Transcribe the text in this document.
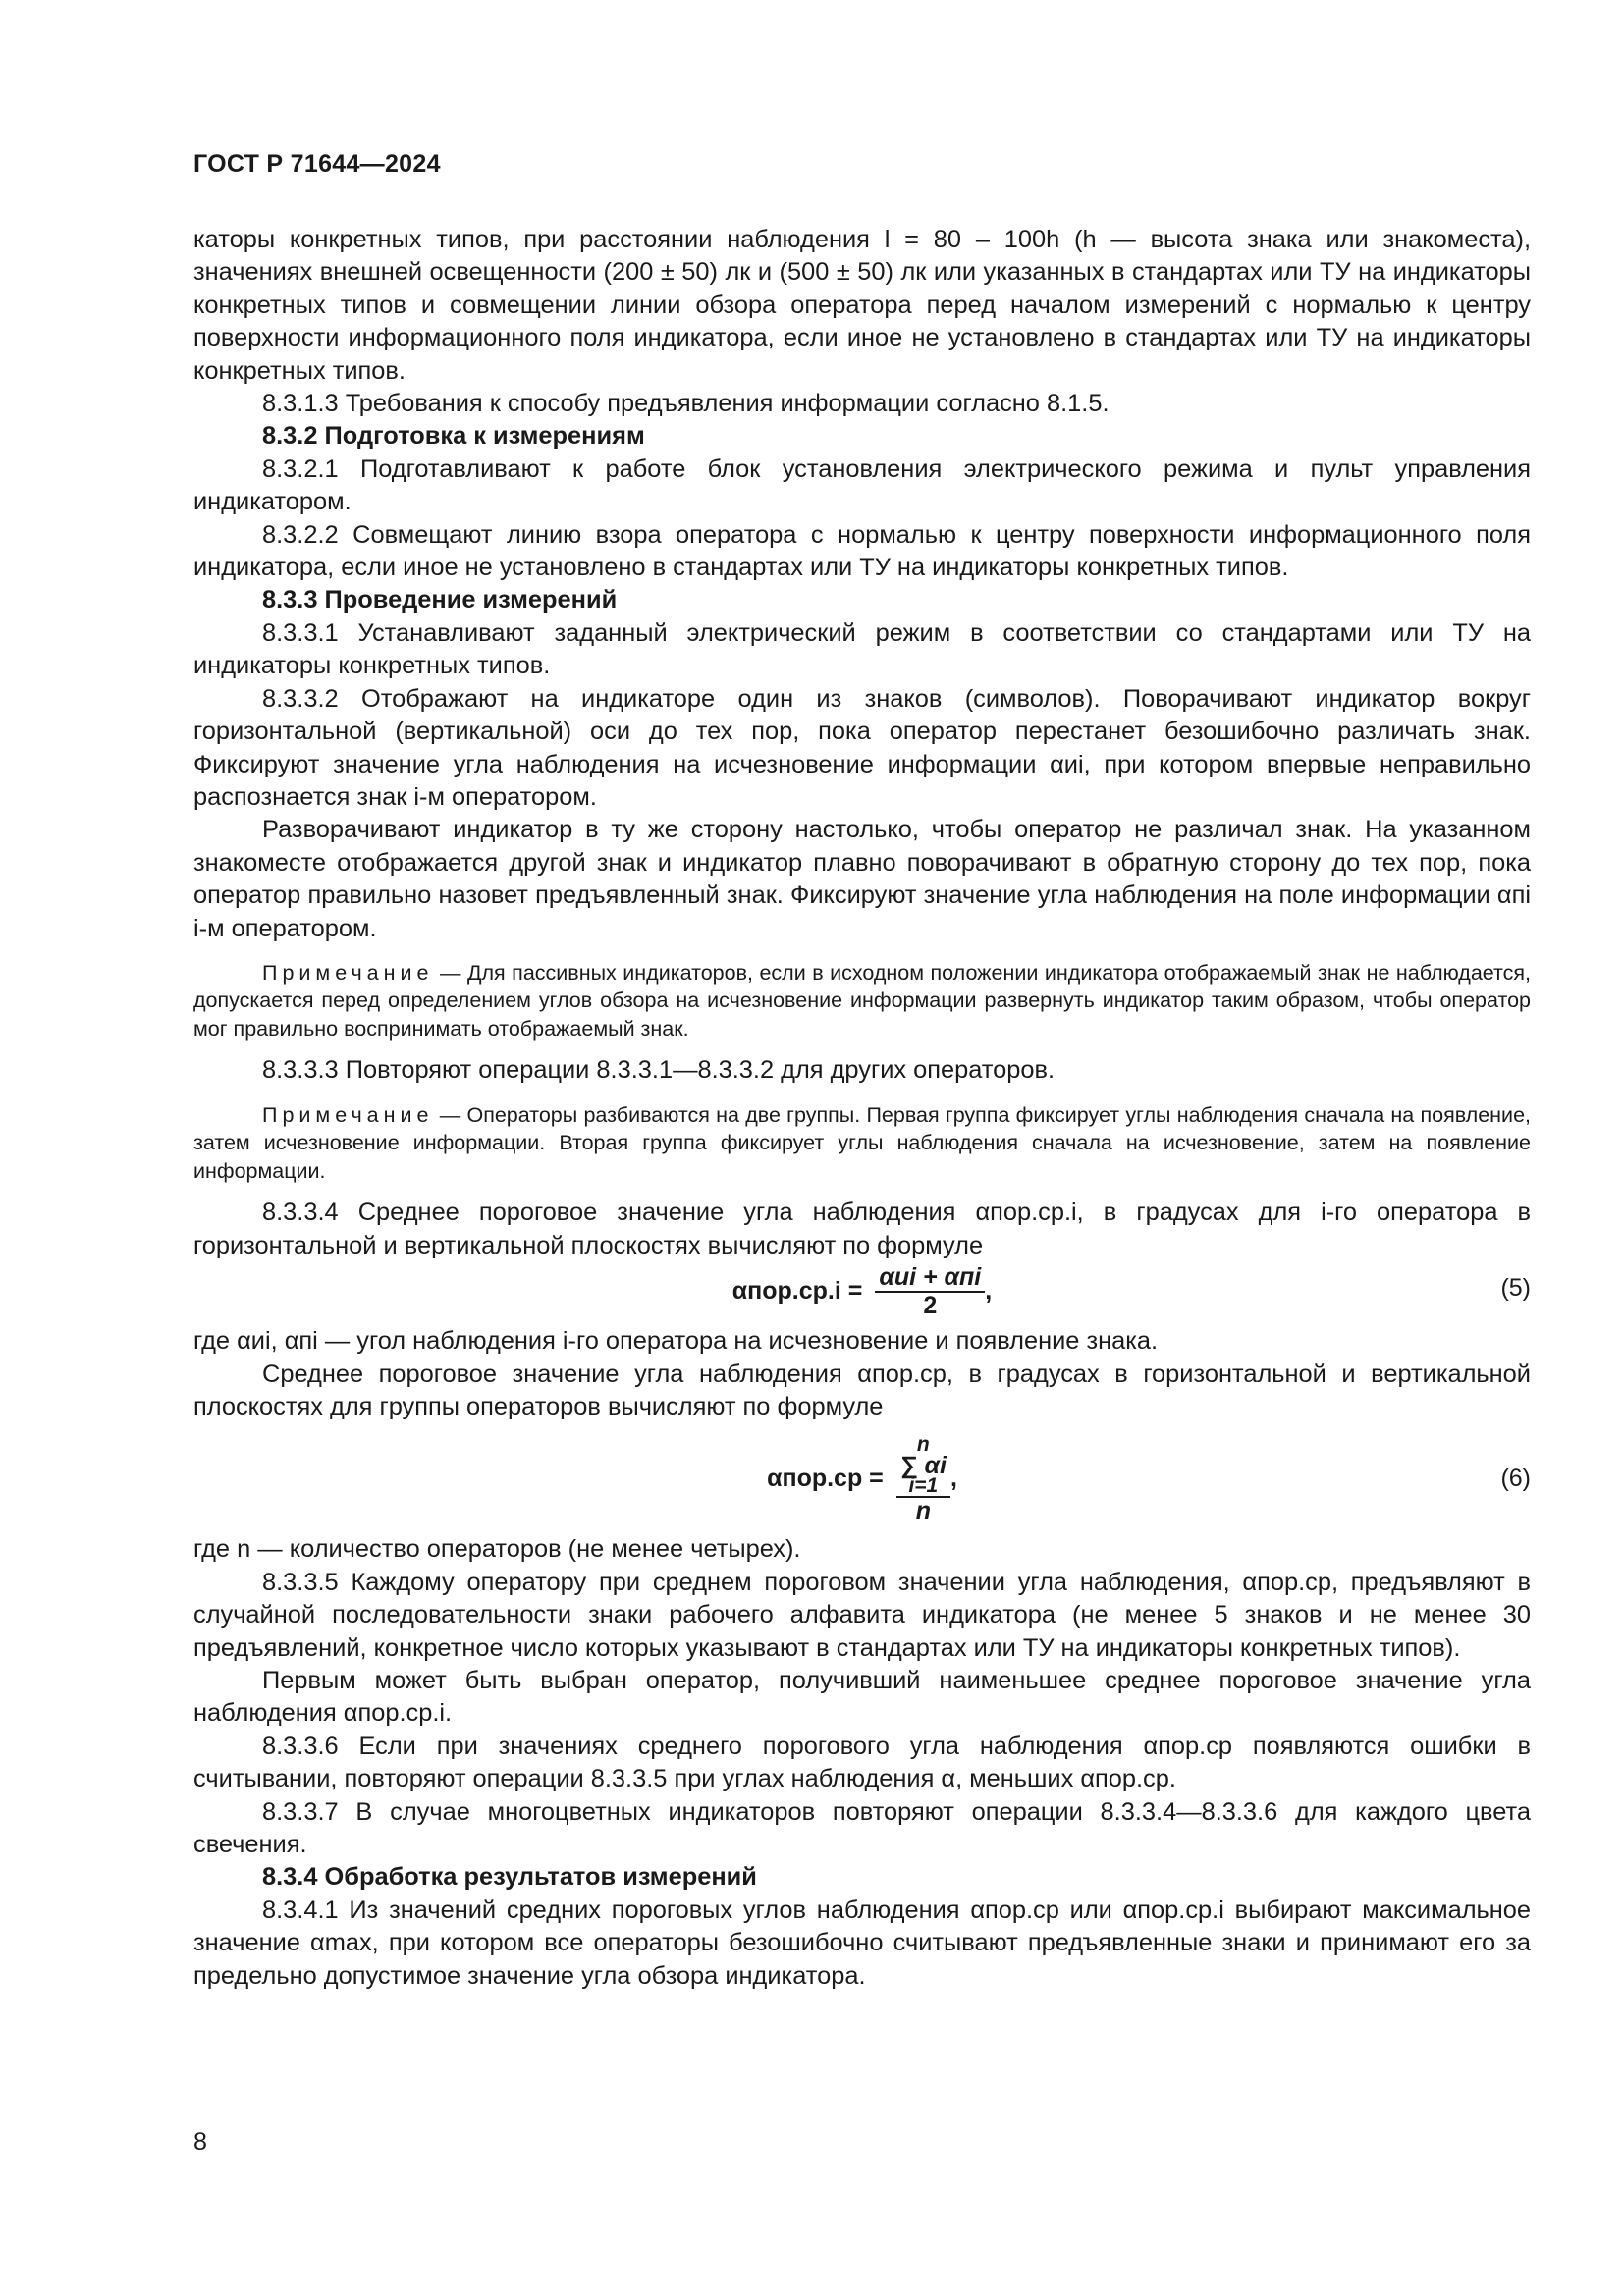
ГОСТ Р 71644—2024

каторы конкретных типов, при расстоянии наблюдения l = 80 – 100h (h — высота знака или знакоместа), значениях внешней освещенности (200 ± 50) лк и (500 ± 50) лк или указанных в стандартах или ТУ на индикаторы конкретных типов и совмещении линии обзора оператора перед началом измерений с нормалью к центру поверхности информационного поля индикатора, если иное не установлено в стандартах или ТУ на индикаторы конкретных типов.

8.3.1.3 Требования к способу предъявления информации согласно 8.1.5.

8.3.2 Подготовка к измерениям

8.3.2.1 Подготавливают к работе блок установления электрического режима и пульт управления индикатором.

8.3.2.2 Совмещают линию взора оператора с нормалью к центру поверхности информационного поля индикатора, если иное не установлено в стандартах или ТУ на индикаторы конкретных типов.

8.3.3 Проведение измерений

8.3.3.1 Устанавливают заданный электрический режим в соответствии со стандартами или ТУ на индикаторы конкретных типов.

8.3.3.2 Отображают на индикаторе один из знаков (символов). Поворачивают индикатор вокруг горизонтальной (вертикальной) оси до тех пор, пока оператор перестанет безошибочно различать знак. Фиксируют значение угла наблюдения на исчезновение информации αиi, при котором впервые неправильно распознается знак i-м оператором.

Разворачивают индикатор в ту же сторону настолько, чтобы оператор не различал знак. На указанном знакоместе отображается другой знак и индикатор плавно поворачивают в обратную сторону до тех пор, пока оператор правильно назовет предъявленный знак. Фиксируют значение угла наблюдения на поле информации αпi i-м оператором.

Примечание — Для пассивных индикаторов, если в исходном положении индикатора отображаемый знак не наблюдается, допускается перед определением углов обзора на исчезновение информации развернуть индикатор таким образом, чтобы оператор мог правильно воспринимать отображаемый знак.

8.3.3.3 Повторяют операции 8.3.3.1—8.3.3.2 для других операторов.

Примечание — Операторы разбиваются на две группы. Первая группа фиксирует углы наблюдения сначала на появление, затем исчезновение информации. Вторая группа фиксирует углы наблюдения сначала на исчезновение, затем на появление информации.

8.3.3.4 Среднее пороговое значение угла наблюдения αпор.ср.i, в градусах для i-го оператора в горизонтальной и вертикальной плоскостях вычисляют по формуле

$\alpha пор.ср.i = \frac{\text{αиi + αпi}}{2}$ ,	(5)

где αиi, αпi — угол наблюдения i-го оператора на исчезновение и появление знака.

Среднее пороговое значение угла наблюдения αпор.ср, в градусах в горизонтальной и вертикальной плоскостях для группы операторов вычисляют по формуле

αпор.ср = n
∑ αi
i=1
n ,	(6)

где n — количество операторов (не менее четырех).

8.3.3.5 Каждому оператору при среднем пороговом значении угла наблюдения, αпор.ср, предъявляют в случайной последовательности знаки рабочего алфавита индикатора (не менее 5 знаков и не менее 30 предъявлений, конкретное число которых указывают в стандартах или ТУ на индикаторы конкретных типов).

Первым может быть выбран оператор, получивший наименьшее среднее пороговое значение угла наблюдения αпор.ср.i.

8.3.3.6 Если при значениях среднего порогового угла наблюдения αпор.ср появляются ошибки в считывании, повторяют операции 8.3.3.5 при углах наблюдения α, меньших αпор.ср.

8.3.3.7 В случае многоцветных индикаторов повторяют операции 8.3.3.4—8.3.3.6 для каждого цвета свечения.

8.3.4 Обработка результатов измерений

8.3.4.1 Из значений средних пороговых углов наблюдения αпор.ср или αпор.ср.i выбирают максимальное значение αmax, при котором все операторы безошибочно считывают предъявленные знаки и принимают его за предельно допустимое значение угла обзора индикатора.

8
